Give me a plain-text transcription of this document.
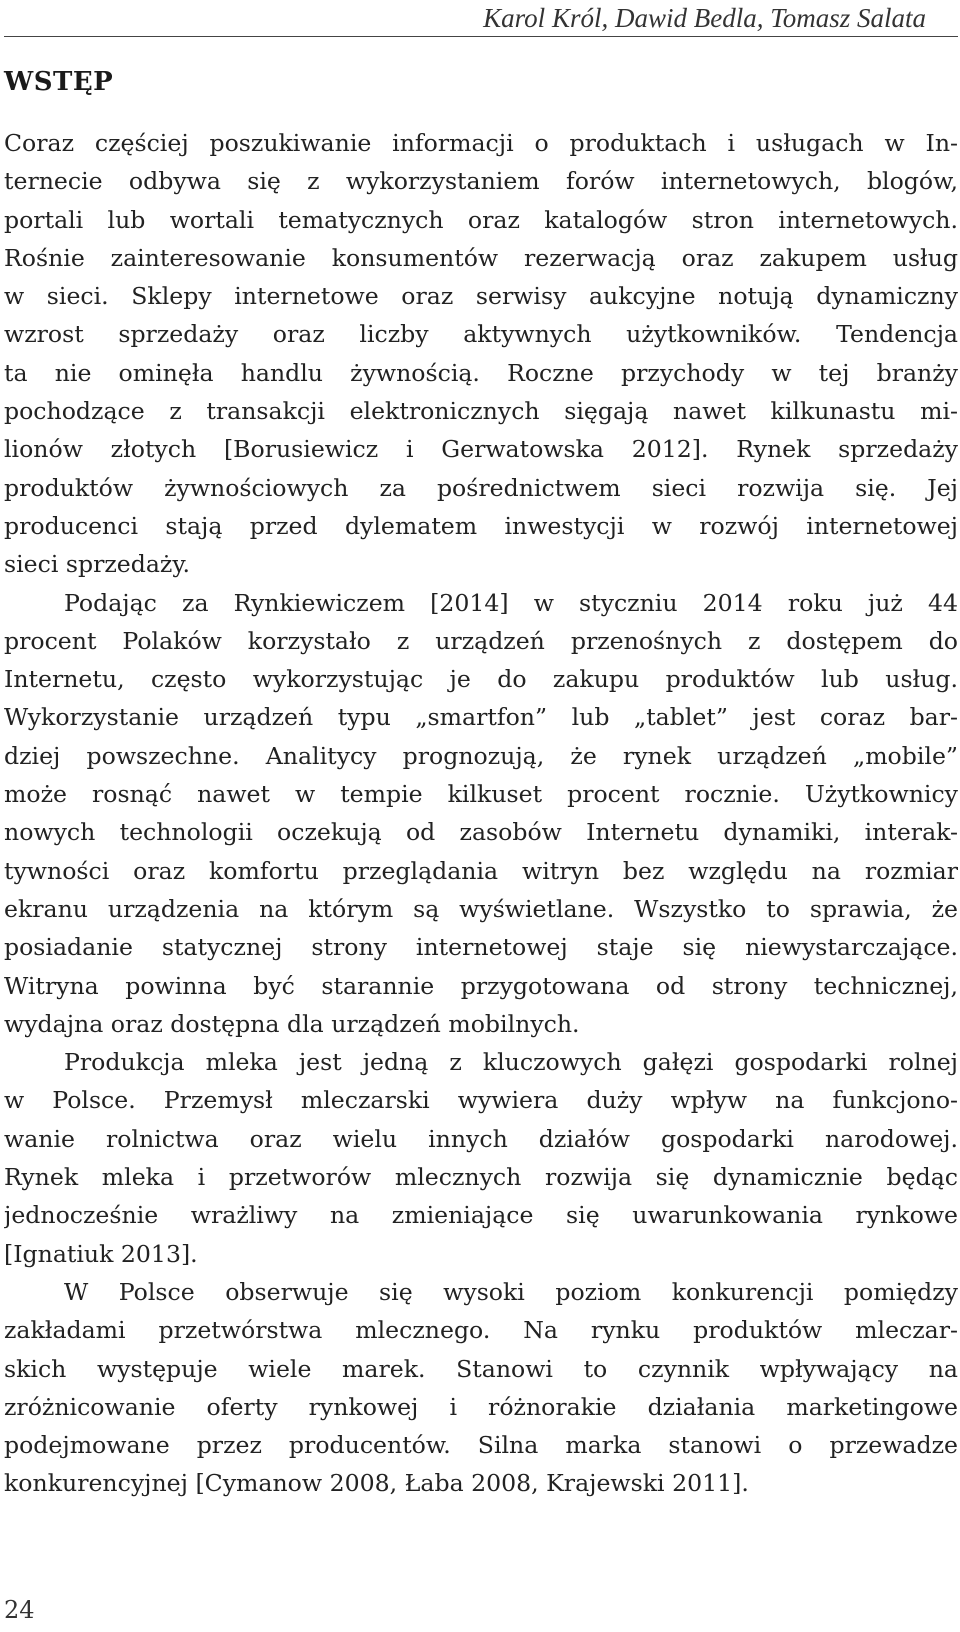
Karol Król, Dawid Bedla, Tomasz Salata
WSTĘP
Coraz częściej poszukiwanie informacji o produktach i usługach w In-
ternecie odbywa się z wykorzystaniem forów internetowych, blogów,
portali lub wortali tematycznych oraz katalogów stron internetowych.
Rośnie zainteresowanie konsumentów rezerwacją oraz zakupem usług
w sieci. Sklepy internetowe oraz serwisy aukcyjne notują dynamiczny
wzrost sprzedaży oraz liczby aktywnych użytkowników. Tendencja
ta nie ominęła handlu żywnością. Roczne przychody w tej branży
pochodzące z transakcji elektronicznych sięgają nawet kilkunastu mi-
lionów złotych [Borusiewicz i Gerwatowska 2012]. Rynek sprzedaży
produktów żywnościowych za pośrednictwem sieci rozwija się. Jej
producenci stają przed dylematem inwestycji w rozwój internetowej
sieci sprzedaży.
Podając za Rynkiewiczem [2014] w styczniu 2014 roku już 44
procent Polaków korzystało z urządzeń przenośnych z dostępem do
Internetu, często wykorzystując je do zakupu produktów lub usług.
Wykorzystanie urządzeń typu „smartfon” lub „tablet” jest coraz bar-
dziej powszechne. Analitycy prognozują, że rynek urządzeń „mobile”
może rosnąć nawet w tempie kilkuset procent rocznie. Użytkownicy
nowych technologii oczekują od zasobów Internetu dynamiki, interak-
tywności oraz komfortu przeglądania witryn bez względu na rozmiar
ekranu urządzenia na którym są wyświetlane. Wszystko to sprawia, że
posiadanie statycznej strony internetowej staje się niewystarczające.
Witryna powinna być starannie przygotowana od strony technicznej,
wydajna oraz dostępna dla urządzeń mobilnych.
Produkcja mleka jest jedną z kluczowych gałęzi gospodarki rolnej
w Polsce. Przemysł mleczarski wywiera duży wpływ na funkcjono-
wanie rolnictwa oraz wielu innych działów gospodarki narodowej.
Rynek mleka i przetworów mlecznych rozwija się dynamicznie będąc
jednocześnie wrażliwy na zmieniające się uwarunkowania rynkowe
[Ignatiuk 2013].
W Polsce obserwuje się wysoki poziom konkurencji pomiędzy
zakładami przetwórstwa mlecznego. Na rynku produktów mleczar-
skich występuje wiele marek. Stanowi to czynnik wpływający na
zróżnicowanie oferty rynkowej i różnorakie działania marketingowe
podejmowane przez producentów. Silna marka stanowi o przewadze
konkurencyjnej [Cymanow 2008, Łaba 2008, Krajewski 2011].
24
